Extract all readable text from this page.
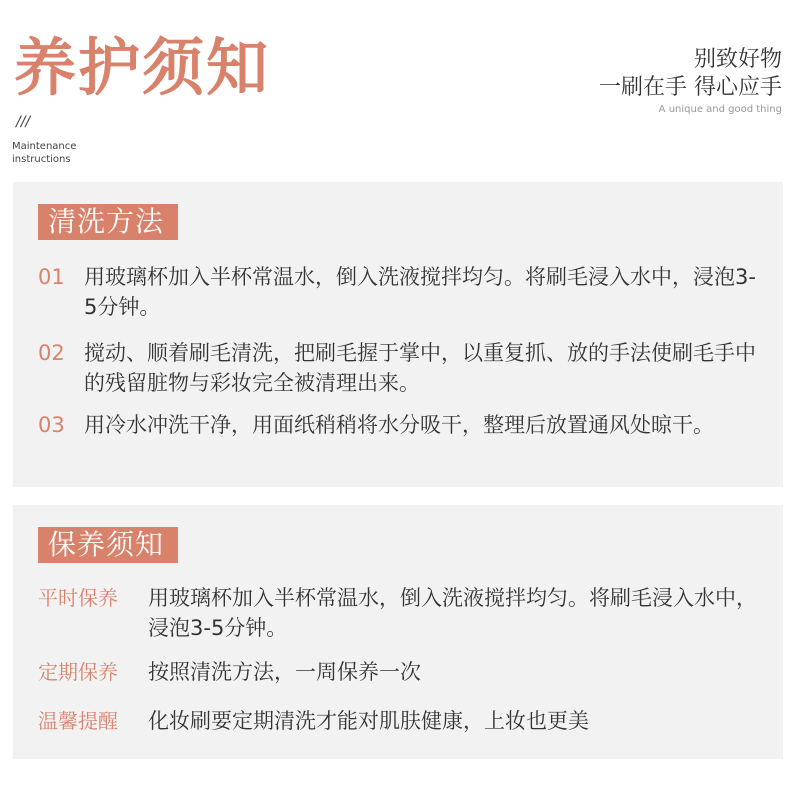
养护须知
///
Maintenance
instructions
别致好物
一刷在手 得心应手
A unique and good thing
清洗方法
01 用玻璃杯加入半杯常温水，倒入洗液搅拌均匀。将刷毛浸入水中，浸泡3-5分钟。
02 搅动、顺着刷毛清洗，把刷毛握于掌中，以重复抓、放的手法使刷毛手中的残留脏物与彩妆完全被清理出来。
03 用冷水冲洗干净，用面纸稍稍将水分吸干，整理后放置通风处晾干。
保养须知
平时保养	用玻璃杯加入半杯常温水，倒入洗液搅拌均匀。将刷毛浸入水中，浸泡3-5分钟。
定期保养	按照清洗方法，一周保养一次
温馨提醒	化妆刷要定期清洗才能对肌肤健康，上妆也更美
